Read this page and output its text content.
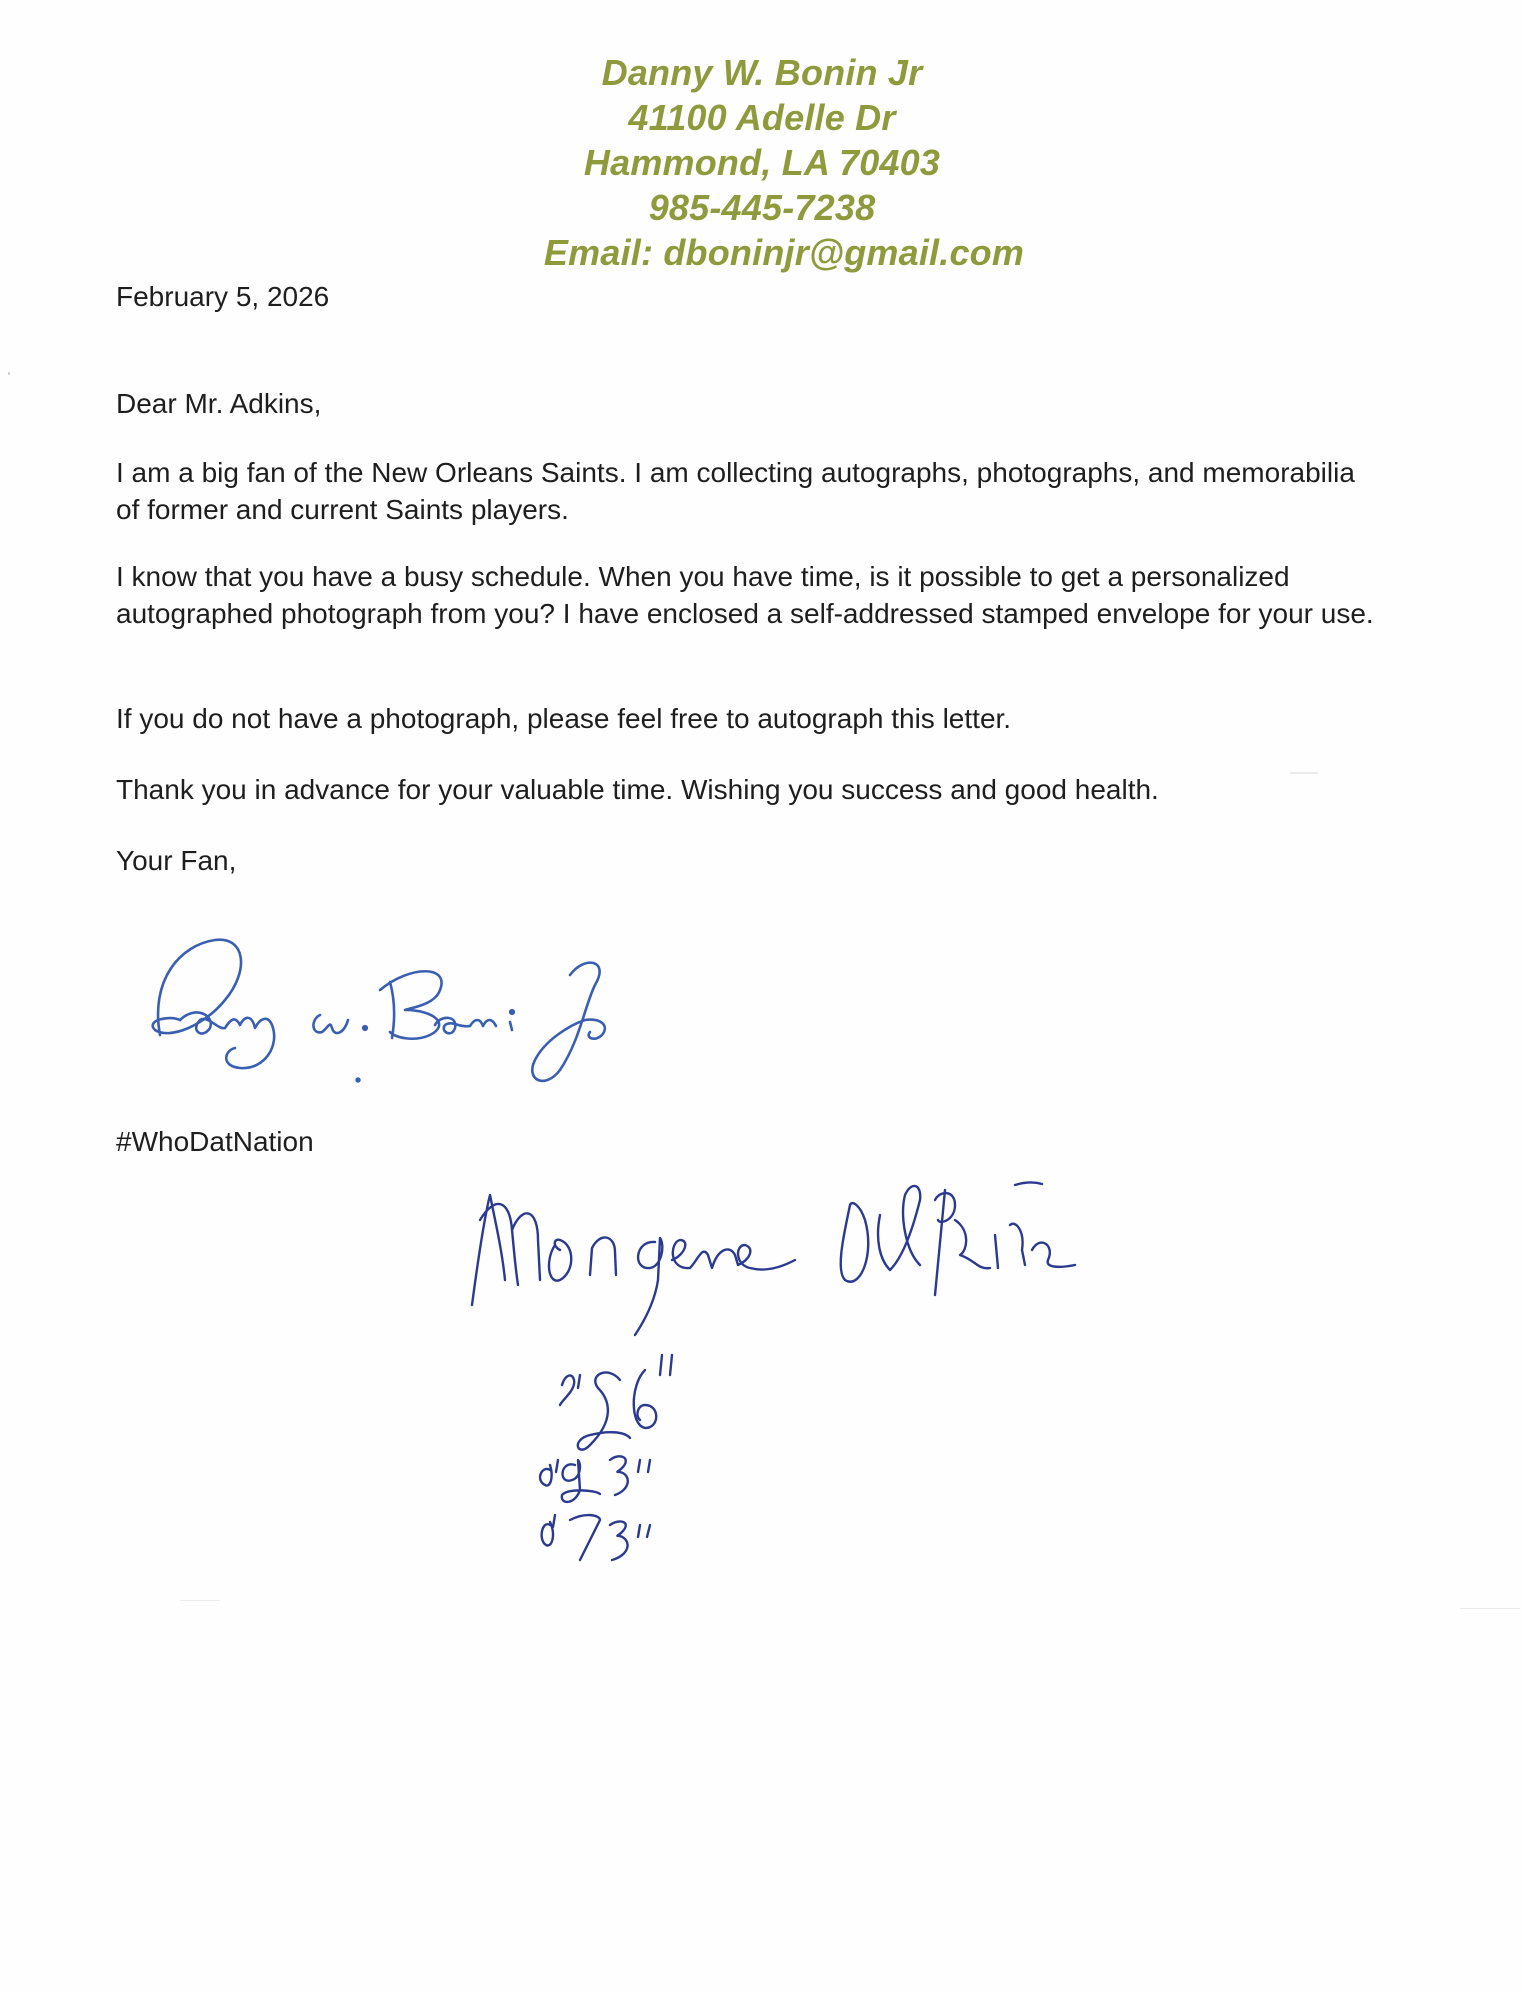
Danny W. Bonin Jr
41100 Adelle Dr
Hammond, LA 70403
985-445-7238
Email: dboninjr@gmail.com
February 5, 2026
Dear Mr. Adkins,
I am a big fan of the New Orleans Saints. I am collecting autographs, photographs, and memorabilia of former and current Saints players.
I know that you have a busy schedule. When you have time, is it possible to get a personalized autographed photograph from you? I have enclosed a self-addressed stamped envelope for your use.
If you do not have a photograph, please feel free to autograph this letter.
Thank you in advance for your valuable time. Wishing you success and good health.
Your Fan,
#WhoDatNation
